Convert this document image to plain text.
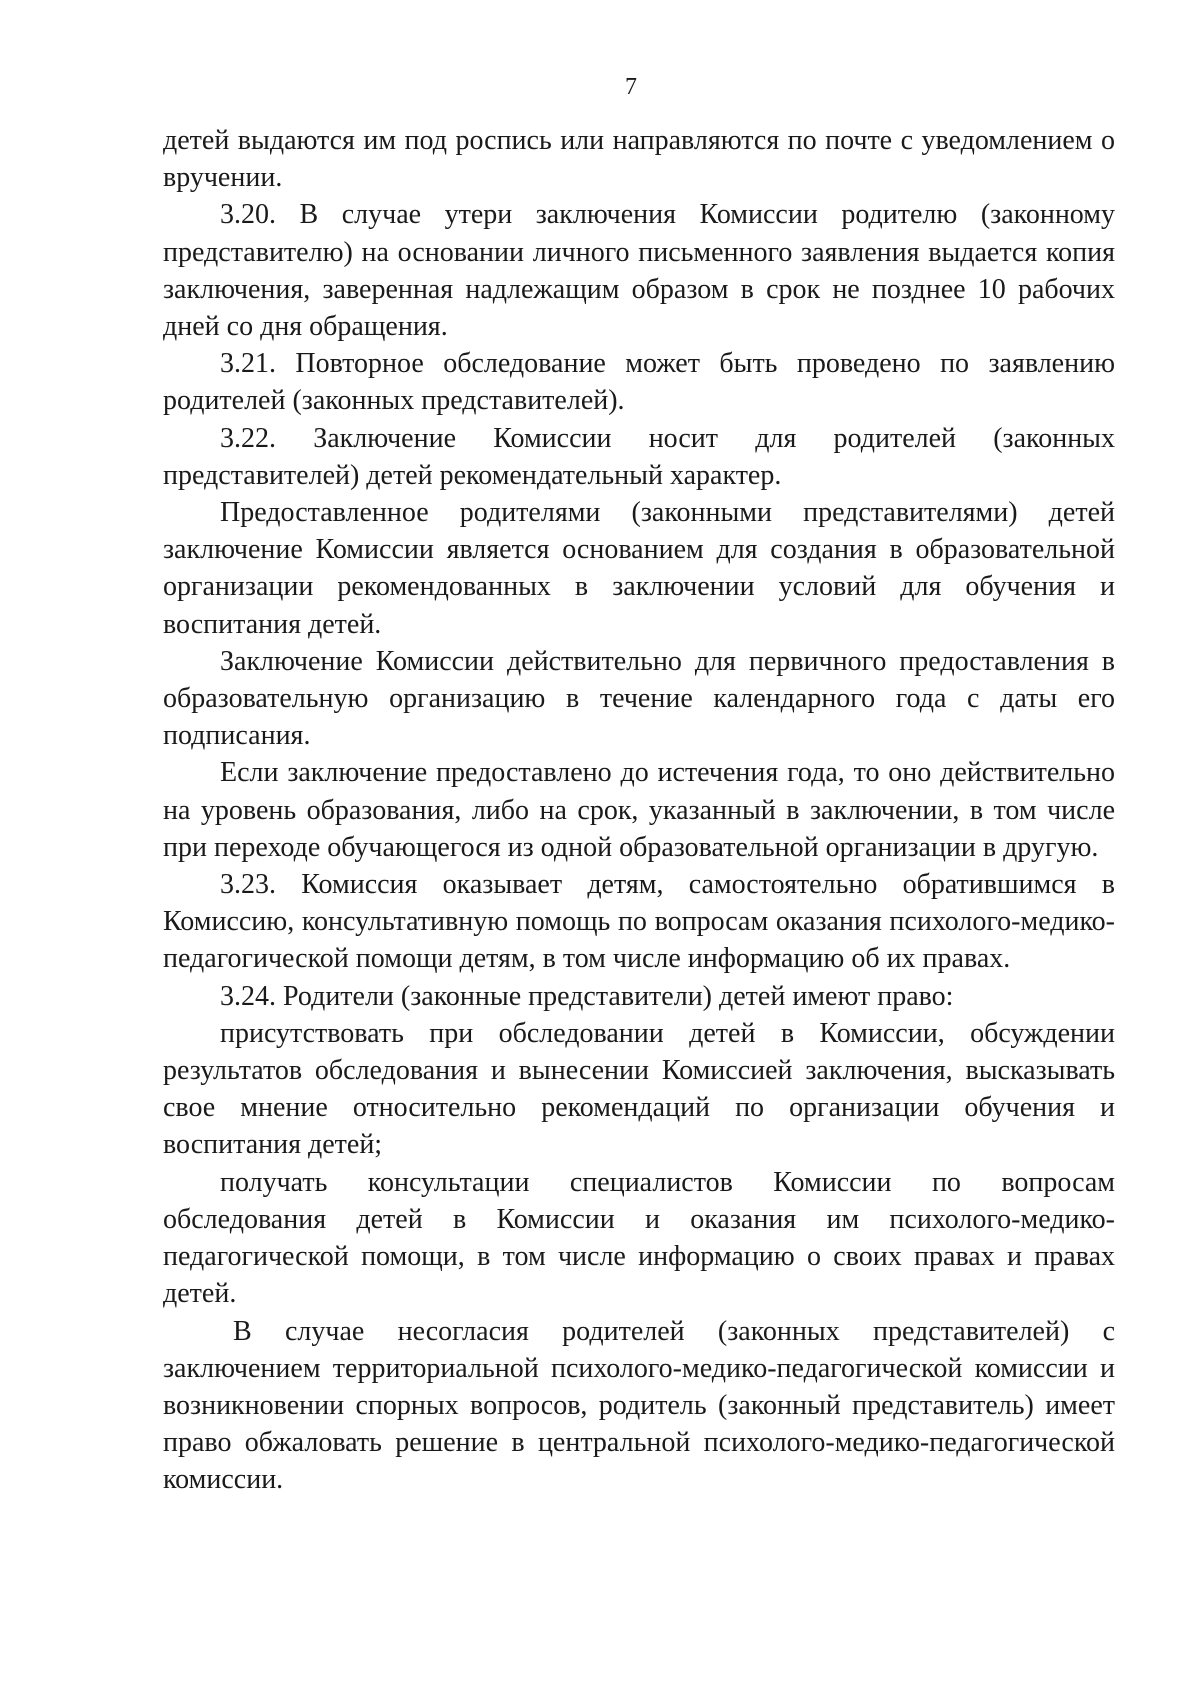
7

детей выдаются им под роспись или направляются по почте с уведомлением о вручении.

3.20. В случае утери заключения Комиссии родителю (законному представителю) на основании личного письменного заявления выдается копия заключения, заверенная надлежащим образом в срок не позднее 10 рабочих дней со дня обращения.

3.21. Повторное обследование может быть проведено по заявлению родителей (законных представителей).

3.22. Заключение Комиссии носит для родителей (законных представителей) детей рекомендательный характер.

Предоставленное родителями (законными представителями) детей заключение Комиссии является основанием для создания в образовательной организации рекомендованных в заключении условий для обучения и воспитания детей.

Заключение Комиссии действительно для первичного предоставления в образовательную организацию в течение календарного года с даты его подписания.

Если заключение предоставлено до истечения года, то оно действительно на уровень образования, либо на срок, указанный в заключении, в том числе при переходе обучающегося из одной образовательной организации в другую.

3.23. Комиссия оказывает детям, самостоятельно обратившимся в Комиссию, консультативную помощь по вопросам оказания психолого-медико-педагогической помощи детям, в том числе информацию об их правах.

3.24. Родители (законные представители) детей имеют право:

присутствовать при обследовании детей в Комиссии, обсуждении результатов обследования и вынесении Комиссией заключения, высказывать свое мнение относительно рекомендаций по организации обучения и воспитания детей;

получать консультации специалистов Комиссии по вопросам обследования детей в Комиссии и оказания им психолого-медико-педагогической помощи, в том числе информацию о своих правах и правах детей.

В случае несогласия родителей (законных представителей) с заключением территориальной психолого-медико-педагогической комиссии и возникновении спорных вопросов, родитель (законный представитель) имеет право обжаловать решение в центральной психолого-медико-педагогической комиссии.
